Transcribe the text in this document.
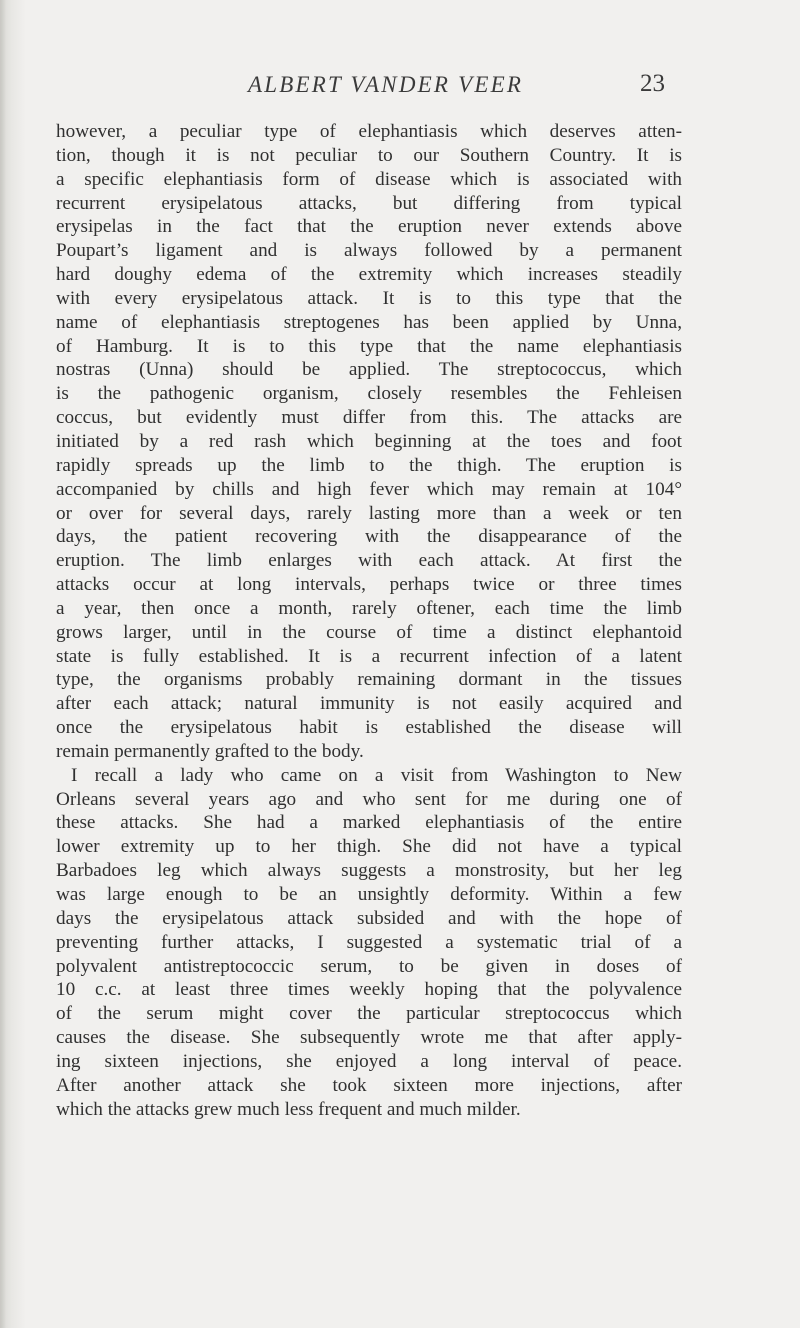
ALBERT VANDER VEER	23
however, a peculiar type of elephantiasis which deserves atten-
tion, though it is not peculiar to our Southern Country. It is
a specific elephantiasis form of disease which is associated with
recurrent erysipelatous attacks, but differing from typical
erysipelas in the fact that the eruption never extends above
Poupart’s ligament and is always followed by a permanent
hard doughy edema of the extremity which increases steadily
with every erysipelatous attack. It is to this type that the
name of elephantiasis streptogenes has been applied by Unna,
of Hamburg. It is to this type that the name elephantiasis
nostras (Unna) should be applied. The streptococcus, which
is the pathogenic organism, closely resembles the Fehleisen
coccus, but evidently must differ from this. The attacks are
initiated by a red rash which beginning at the toes and foot
rapidly spreads up the limb to the thigh. The eruption is
accompanied by chills and high fever which may remain at 104°
or over for several days, rarely lasting more than a week or ten
days, the patient recovering with the disappearance of the
eruption. The limb enlarges with each attack. At first the
attacks occur at long intervals, perhaps twice or three times
a year, then once a month, rarely oftener, each time the limb
grows larger, until in the course of time a distinct elephantoid
state is fully established. It is a recurrent infection of a latent
type, the organisms probably remaining dormant in the tissues
after each attack; natural immunity is not easily acquired and
once the erysipelatous habit is established the disease will
remain permanently grafted to the body.
I recall a lady who came on a visit from Washington to New
Orleans several years ago and who sent for me during one of
these attacks. She had a marked elephantiasis of the entire
lower extremity up to her thigh. She did not have a typical
Barbadoes leg which always suggests a monstrosity, but her leg
was large enough to be an unsightly deformity. Within a few
days the erysipelatous attack subsided and with the hope of
preventing further attacks, I suggested a systematic trial of a
polyvalent antistreptococcic serum, to be given in doses of
10 c.c. at least three times weekly hoping that the polyvalence
of the serum might cover the particular streptococcus which
causes the disease. She subsequently wrote me that after apply-
ing sixteen injections, she enjoyed a long interval of peace.
After another attack she took sixteen more injections, after
which the attacks grew much less frequent and much milder.
